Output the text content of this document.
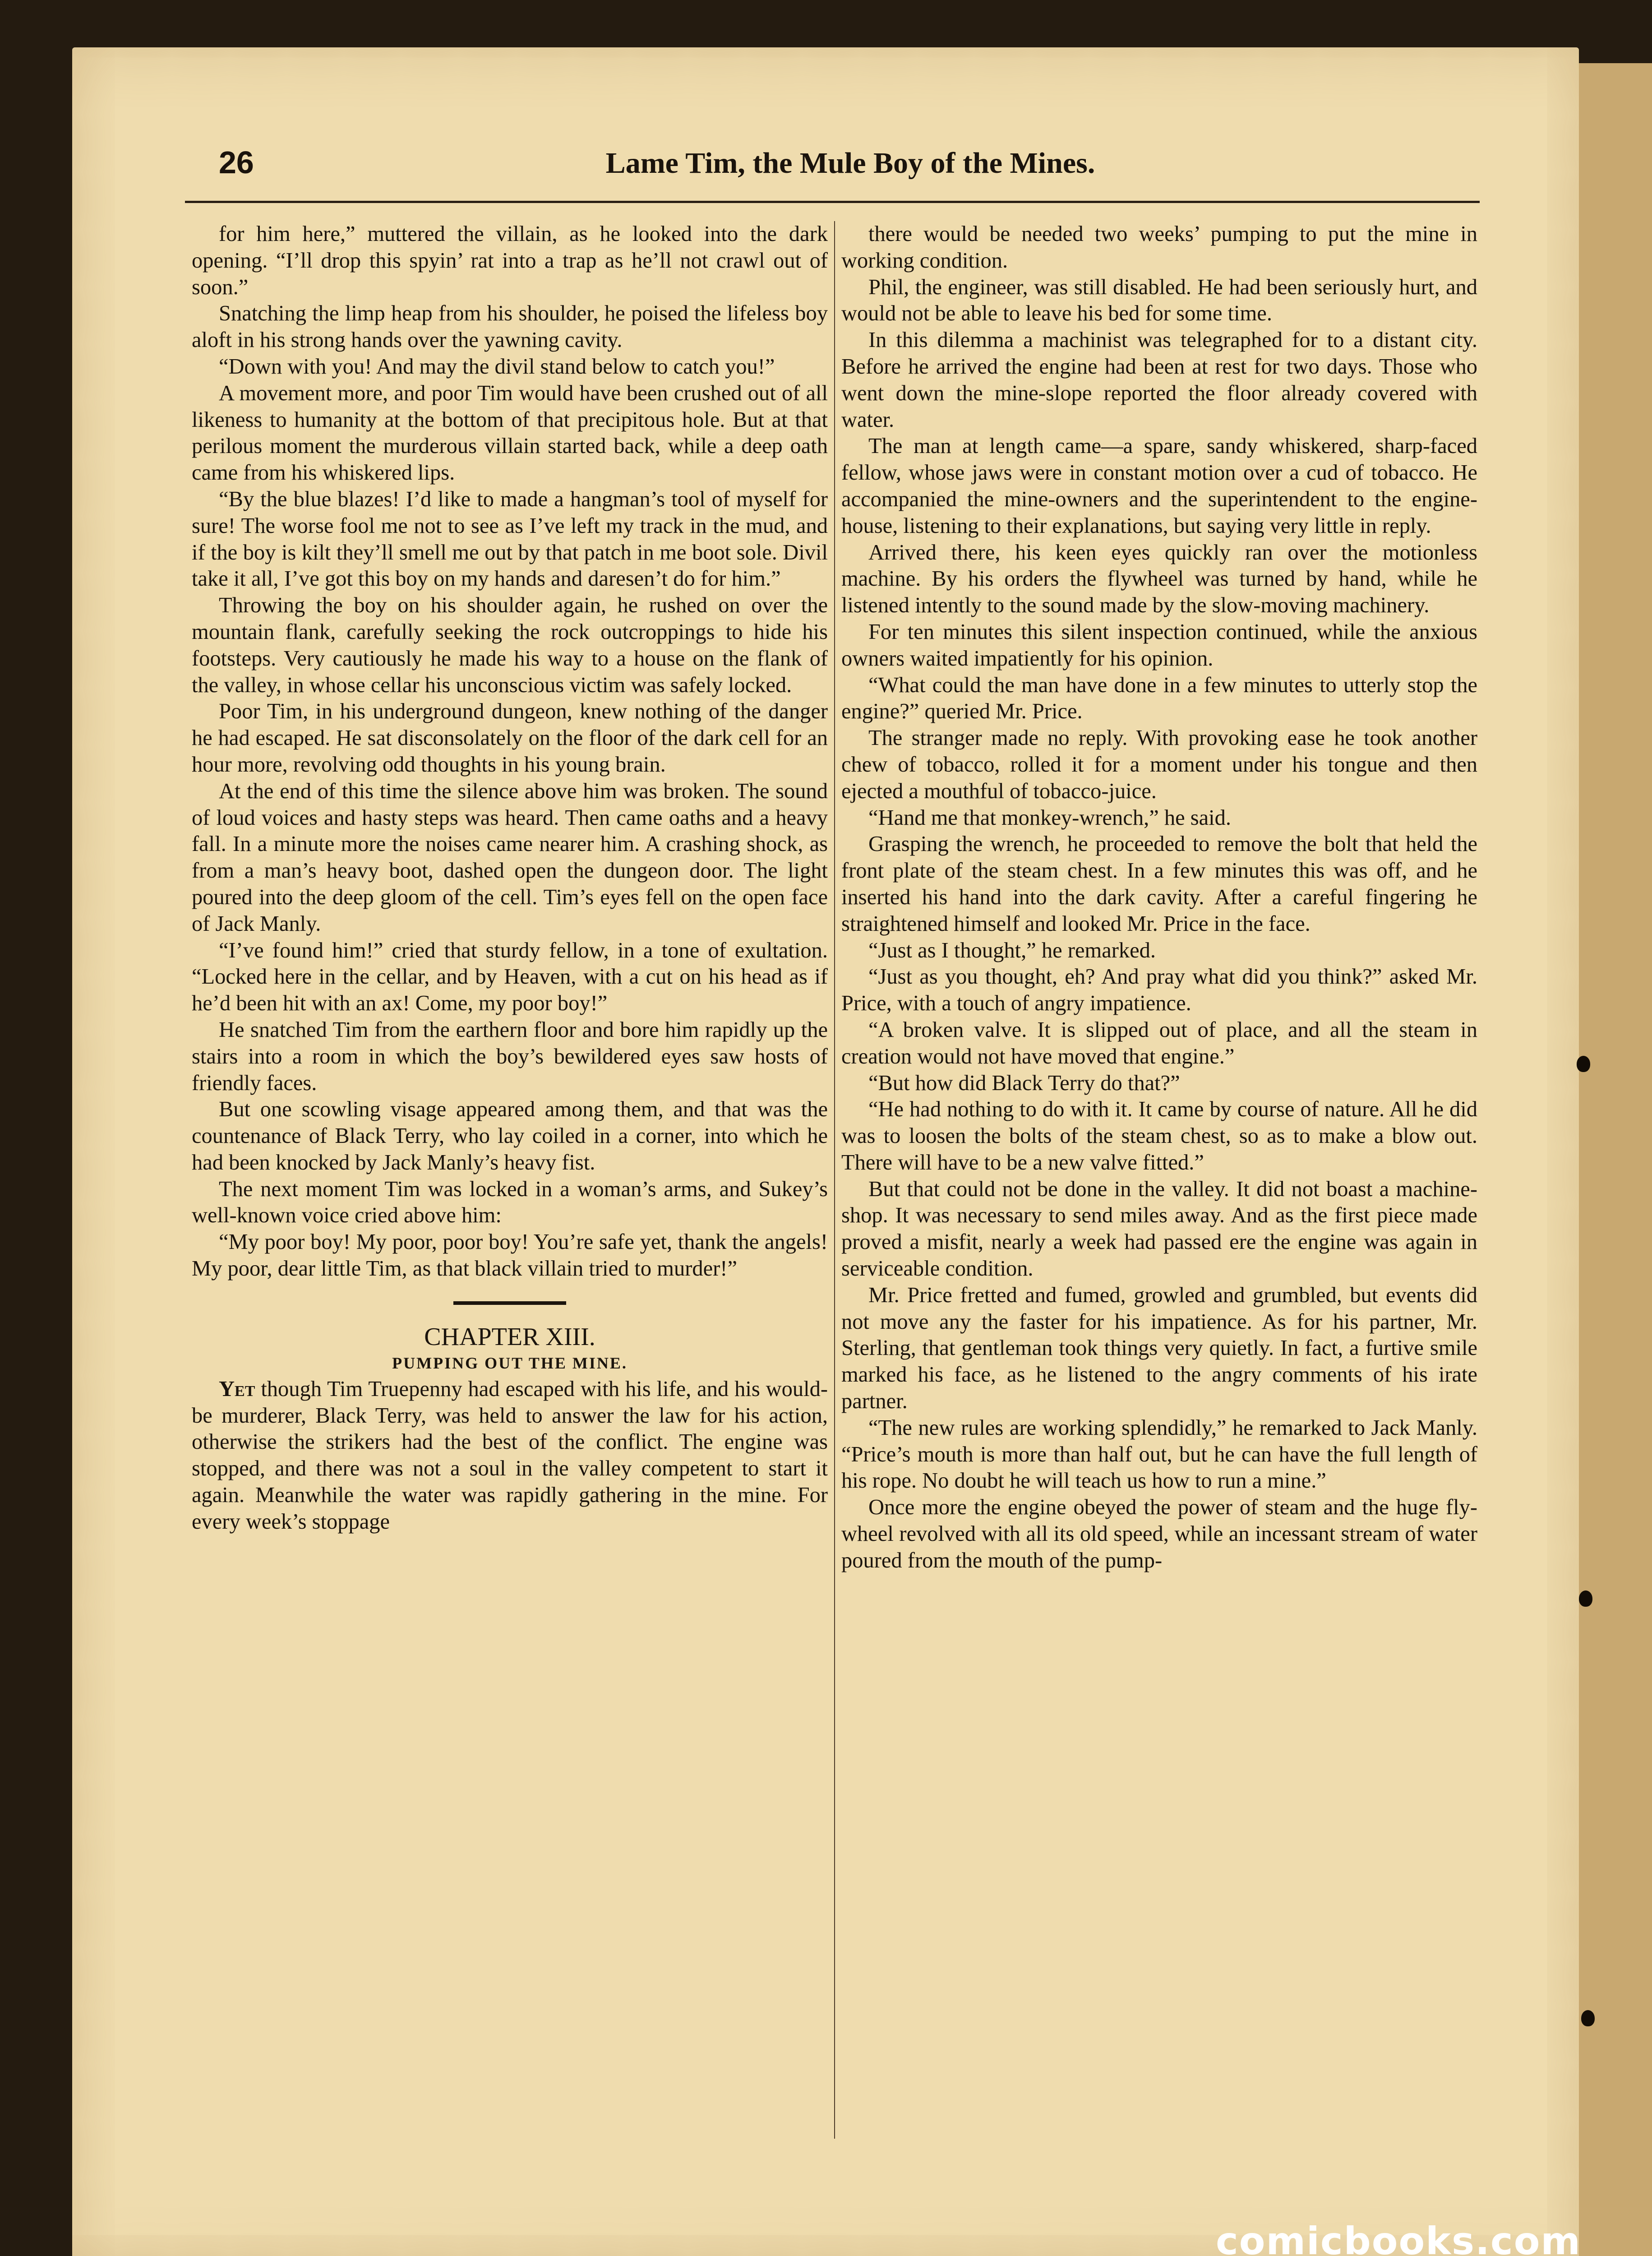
26	Lame Tim, the Mule Boy of the Mines.

for him here,” muttered the villain, as he looked into the dark opening. “I’ll drop this spyin’ rat into a trap as he’ll not crawl out of soon.”

Snatching the limp heap from his shoulder, he poised the lifeless boy aloft in his strong hands over the yawning cavity.

“Down with you! And may the divil stand below to catch you!”

A movement more, and poor Tim would have been crushed out of all likeness to humanity at the bottom of that precipitous hole. But at that perilous moment the murderous villain started back, while a deep oath came from his whiskered lips.

“By the blue blazes! I’d like to made a hangman’s tool of myself for sure! The worse fool me not to see as I’ve left my track in the mud, and if the boy is kilt they’ll smell me out by that patch in me boot sole. Divil take it all, I’ve got this boy on my hands and daresen’t do for him.”

Throwing the boy on his shoulder again, he rushed on over the mountain flank, carefully seeking the rock outcroppings to hide his footsteps. Very cautiously he made his way to a house on the flank of the valley, in whose cellar his unconscious victim was safely locked.

Poor Tim, in his underground dungeon, knew nothing of the danger he had escaped. He sat disconsolately on the floor of the dark cell for an hour more, revolving odd thoughts in his young brain.

At the end of this time the silence above him was broken. The sound of loud voices and hasty steps was heard. Then came oaths and a heavy fall. In a minute more the noises came nearer him. A crashing shock, as from a man’s heavy boot, dashed open the dungeon door. The light poured into the deep gloom of the cell. Tim’s eyes fell on the open face of Jack Manly.

“I’ve found him!” cried that sturdy fellow, in a tone of exultation. “Locked here in the cellar, and by Heaven, with a cut on his head as if he’d been hit with an ax! Come, my poor boy!”

He snatched Tim from the earthern floor and bore him rapidly up the stairs into a room in which the boy’s bewildered eyes saw hosts of friendly faces.

But one scowling visage appeared among them, and that was the countenance of Black Terry, who lay coiled in a corner, into which he had been knocked by Jack Manly’s heavy fist.

The next moment Tim was locked in a woman’s arms, and Sukey’s well-known voice cried above him:

“My poor boy! My poor, poor boy! You’re safe yet, thank the angels! My poor, dear little Tim, as that black villain tried to murder!”

CHAPTER XIII.

PUMPING OUT THE MINE.

Yet though Tim Truepenny had escaped with his life, and his would-be murderer, Black Terry, was held to answer the law for his action, otherwise the strikers had the best of the conflict. The engine was stopped, and there was not a soul in the valley competent to start it again. Meanwhile the water was rapidly gathering in the mine. For every week’s stoppage

there would be needed two weeks’ pumping to put the mine in working condition.

Phil, the engineer, was still disabled. He had been seriously hurt, and would not be able to leave his bed for some time.

In this dilemma a machinist was telegraphed for to a distant city. Before he arrived the engine had been at rest for two days. Those who went down the mine-slope reported the floor already covered with water.

The man at length came—a spare, sandy whiskered, sharp-faced fellow, whose jaws were in constant motion over a cud of tobacco. He accompanied the mine-owners and the superintendent to the engine-house, listening to their explanations, but saying very little in reply.

Arrived there, his keen eyes quickly ran over the motionless machine. By his orders the flywheel was turned by hand, while he listened intently to the sound made by the slow-moving machinery.

For ten minutes this silent inspection continued, while the anxious owners waited impatiently for his opinion.

“What could the man have done in a few minutes to utterly stop the engine?” queried Mr. Price.

The stranger made no reply. With provoking ease he took another chew of tobacco, rolled it for a moment under his tongue and then ejected a mouthful of tobacco-juice.

“Hand me that monkey-wrench,” he said.

Grasping the wrench, he proceeded to remove the bolt that held the front plate of the steam chest. In a few minutes this was off, and he inserted his hand into the dark cavity. After a careful fingering he straightened himself and looked Mr. Price in the face.

“Just as I thought,” he remarked.

“Just as you thought, eh? And pray what did you think?” asked Mr. Price, with a touch of angry impatience.

“A broken valve. It is slipped out of place, and all the steam in creation would not have moved that engine.”

“But how did Black Terry do that?”

“He had nothing to do with it. It came by course of nature. All he did was to loosen the bolts of the steam chest, so as to make a blow out. There will have to be a new valve fitted.”

But that could not be done in the valley. It did not boast a machine-shop. It was necessary to send miles away. And as the first piece made proved a misfit, nearly a week had passed ere the engine was again in serviceable condition.

Mr. Price fretted and fumed, growled and grumbled, but events did not move any the faster for his impatience. As for his partner, Mr. Sterling, that gentleman took things very quietly. In fact, a furtive smile marked his face, as he listened to the angry comments of his irate partner.

“The new rules are working splendidly,” he remarked to Jack Manly. “Price’s mouth is more than half out, but he can have the full length of his rope. No doubt he will teach us how to run a mine.”

Once more the engine obeyed the power of steam and the huge fly-wheel revolved with all its old speed, while an incessant stream of water poured from the mouth of the pump-

comicbooks.com
